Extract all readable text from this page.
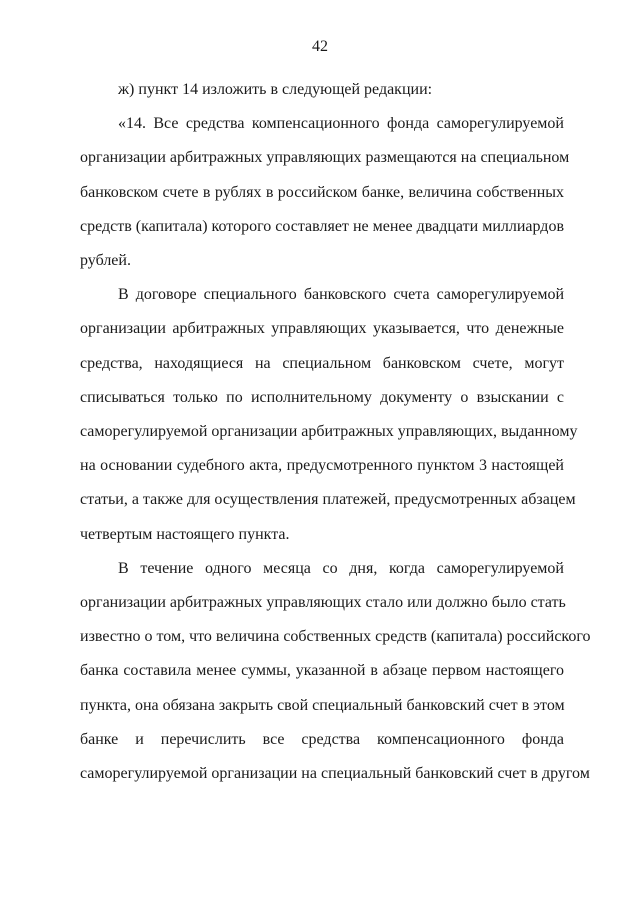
42

ж) пункт 14 изложить в следующей редакции:

«14. Все средства компенсационного фонда саморегулируемой
организации арбитражных управляющих размещаются на специальном
банковском счете в рублях в российском банке, величина собственных
средств (капитала) которого составляет не менее двадцати миллиардов
рублей.

В договоре специального банковского счета саморегулируемой
организации арбитражных управляющих указывается, что денежные
средства, находящиеся на специальном банковском счете, могут
списываться только по исполнительному документу о взыскании с
саморегулируемой организации арбитражных управляющих, выданному
на основании судебного акта, предусмотренного пунктом 3 настоящей
статьи, а также для осуществления платежей, предусмотренных абзацем
четвертым настоящего пункта.

В течение одного месяца со дня, когда саморегулируемой
организации арбитражных управляющих стало или должно было стать
известно о том, что величина собственных средств (капитала) российского
банка составила менее суммы, указанной в абзаце первом настоящего
пункта, она обязана закрыть свой специальный банковский счет в этом
банке и перечислить все средства компенсационного фонда
саморегулируемой организации на специальный банковский счет в другом
